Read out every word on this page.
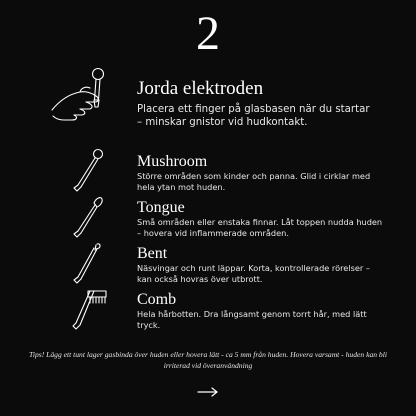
2
Jorda elektroden
Placera ett finger på glasbasen när du startar – minskar gnistor vid hudkontakt.
Mushroom
Större områden som kinder och panna. Glid i cirklar med hela ytan mot huden.
Tongue
Små områden eller enstaka finnar. Låt toppen nudda huden – hovera vid inflammerade områden.
Bent
Näsvingar och runt läppar. Korta, kontrollerade rörelser – kan också hovras över utbrott.
Comb
Hela hårbotten. Dra långsamt genom torrt hår, med lätt tryck.
Tips! Lägg ett tunt lager gasbinda över huden eller hovera lätt - ca 5 mm från huden. Hovera varsamt - huden kan bli irriterad vid överanvändning
